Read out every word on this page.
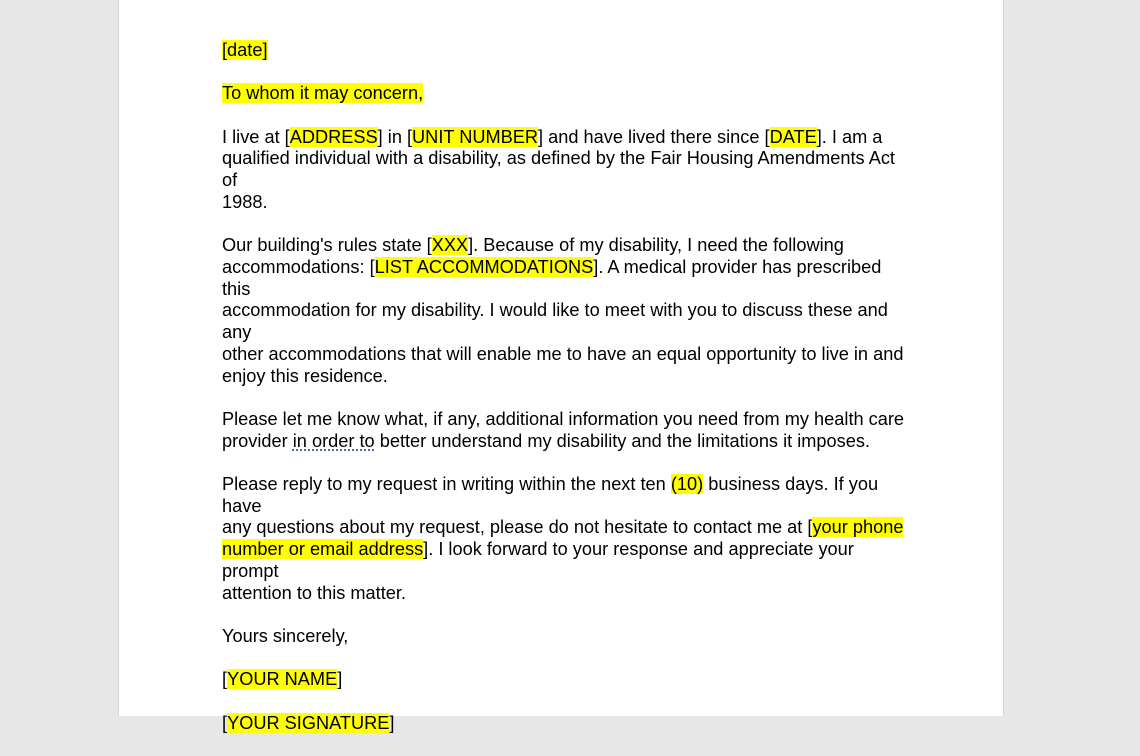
[date]

To whom it may concern,

I live at [ADDRESS] in [UNIT NUMBER] and have lived there since [DATE]. I am a
qualified individual with a disability, as defined by the Fair Housing Amendments Act of
1988.

Our building's rules state [XXX]. Because of my disability, I need the following
accommodations: [LIST ACCOMMODATIONS]. A medical provider has prescribed this
accommodation for my disability. I would like to meet with you to discuss these and any
other accommodations that will enable me to have an equal opportunity to live in and
enjoy this residence.

Please let me know what, if any, additional information you need from my health care
provider in order to better understand my disability and the limitations it imposes.

Please reply to my request in writing within the next ten (10) business days. If you have
any questions about my request, please do not hesitate to contact me at [your phone
number or email address]. I look forward to your response and appreciate your prompt
attention to this matter.

Yours sincerely,

[YOUR NAME]

[YOUR SIGNATURE]
